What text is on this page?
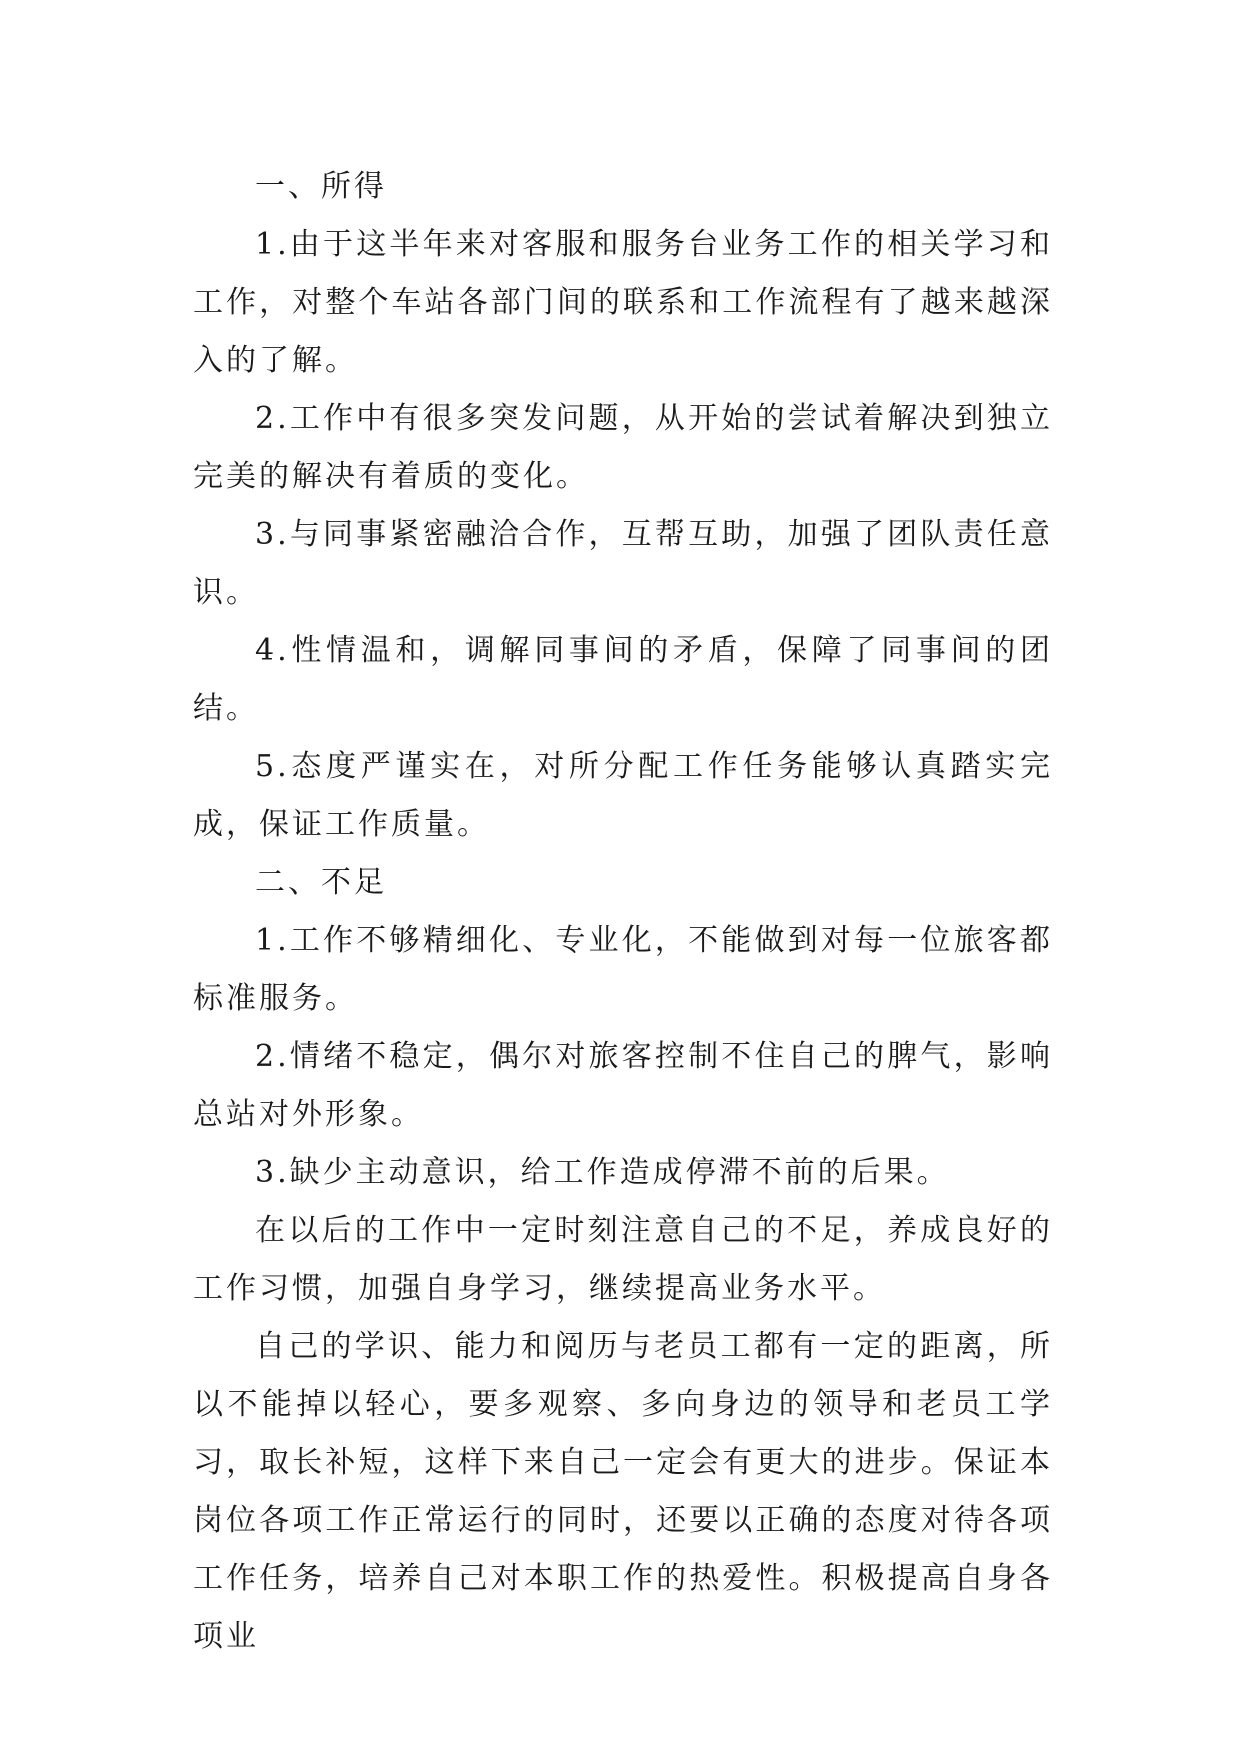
一、所得

1.由于这半年来对客服和服务台业务工作的相关学习和工作，对整个车站各部门间的联系和工作流程有了越来越深入的了解。

2.工作中有很多突发问题，从开始的尝试着解决到独立完美的解决有着质的变化。

3.与同事紧密融洽合作，互帮互助，加强了团队责任意识。

4.性情温和，调解同事间的矛盾，保障了同事间的团结。

5.态度严谨实在，对所分配工作任务能够认真踏实完成，保证工作质量。

二、不足

1.工作不够精细化、专业化，不能做到对每一位旅客都标准服务。

2.情绪不稳定，偶尔对旅客控制不住自己的脾气，影响总站对外形象。

3.缺少主动意识，给工作造成停滞不前的后果。

在以后的工作中一定时刻注意自己的不足，养成良好的工作习惯，加强自身学习，继续提高业务水平。

自己的学识、能力和阅历与老员工都有一定的距离，所以不能掉以轻心，要多观察、多向身边的领导和老员工学习，取长补短，这样下来自己一定会有更大的进步。保证本岗位各项工作正常运行的同时，还要以正确的态度对待各项工作任务，培养自己对本职工作的热爱性。积极提高自身各项业
